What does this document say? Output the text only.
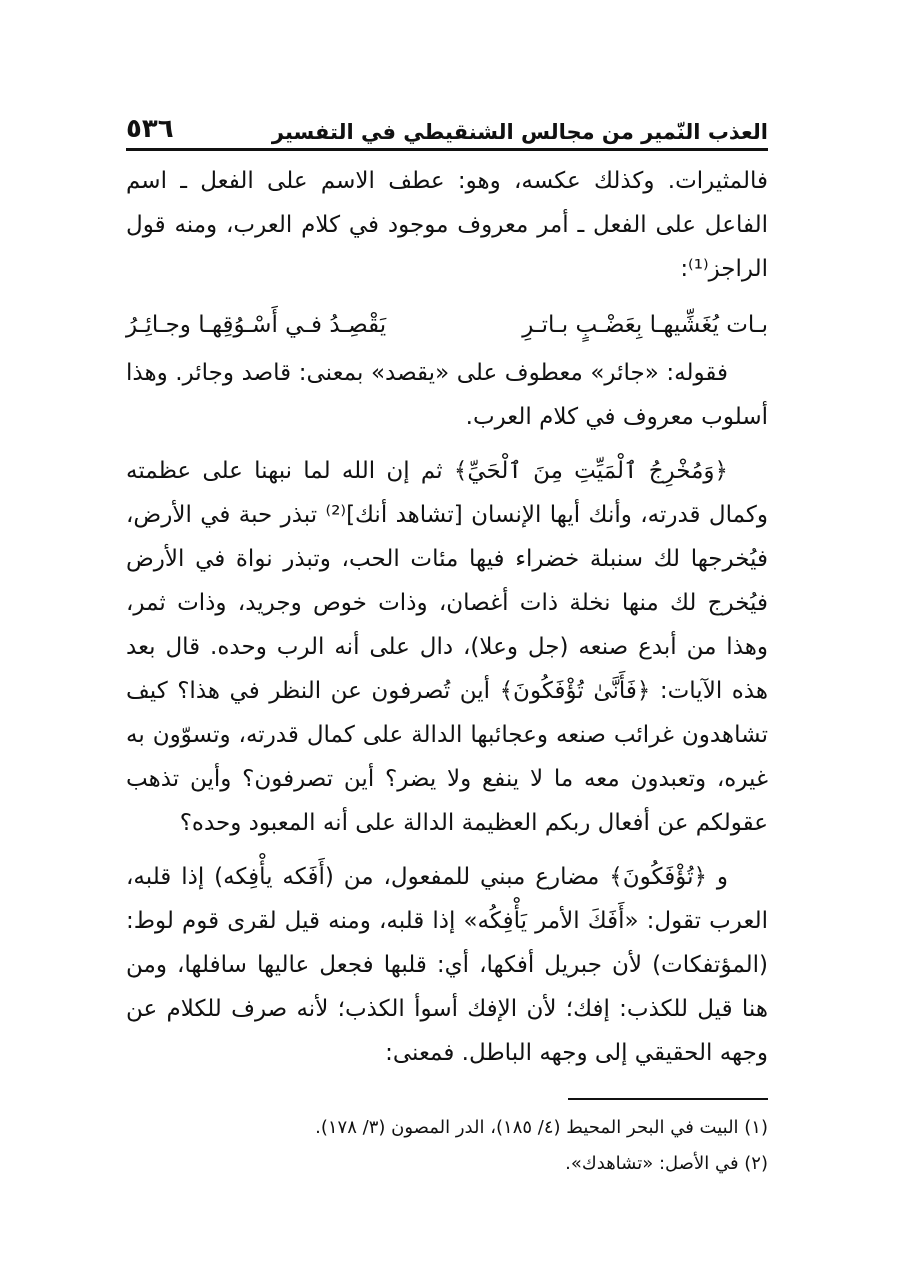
العذب النّمير من مجالس الشنقيطي في التفسير
٥٣٦

فالمثيرات. وكذلك عكسه، وهو: عطف الاسم على الفعل ـ اسم الفاعل على الفعل ـ أمر معروف موجود في كلام العرب، ومنه قول الراجز⁽¹⁾:

بـات يُغَشِّيهـا بِعَضْـبٍ بـاتـرِ
يَقْصِـدُ فـي أَسْـوُقِهـا وجـائِـرُ

فقوله: «جائر» معطوف على «يقصد» بمعنى: قاصد وجائر. وهذا أسلوب معروف في كلام العرب.

﴿وَمُخْرِجُ ٱلْمَيِّتِ مِنَ ٱلْحَيِّ﴾ ثم إن الله لما نبهنا على عظمته وكمال قدرته، وأنك أيها الإنسان [تشاهد أنك]⁽²⁾ تبذر حبة في الأرض، فيُخرجها لك سنبلة خضراء فيها مئات الحب، وتبذر نواة في الأرض فيُخرج لك منها نخلة ذات أغصان، وذات خوص وجريد، وذات ثمر، وهذا من أبدع صنعه (جل وعلا)، دال على أنه الرب وحده. قال بعد هذه الآيات: ﴿فَأَنَّىٰ تُؤْفَكُونَ﴾ أين تُصرفون عن النظر في هذا؟ كيف تشاهدون غرائب صنعه وعجائبها الدالة على كمال قدرته، وتسوّون به غيره، وتعبدون معه ما لا ينفع ولا يضر؟ أين تصرفون؟ وأين تذهب عقولكم عن أفعال ربكم العظيمة الدالة على أنه المعبود وحده؟

و ﴿تُؤْفَكُونَ﴾ مضارع مبني للمفعول، من (أَفَكه يأْفِكه) إذا قلبه، العرب تقول: «أَفَكَ الأمر يَأْفِكُه» إذا قلبه، ومنه قيل لقرى قوم لوط: (المؤتفكات) لأن جبريل أفكها، أي: قلبها فجعل عاليها سافلها، ومن هنا قيل للكذب: إفك؛ لأن الإفك أسوأ الكذب؛ لأنه صرف للكلام عن وجهه الحقيقي إلى وجهه الباطل. فمعنى:

(١) البيت في البحر المحيط (٤/ ١٨٥)، الدر المصون (٣/ ١٧٨).

(٢) في الأصل: «تشاهدك».
